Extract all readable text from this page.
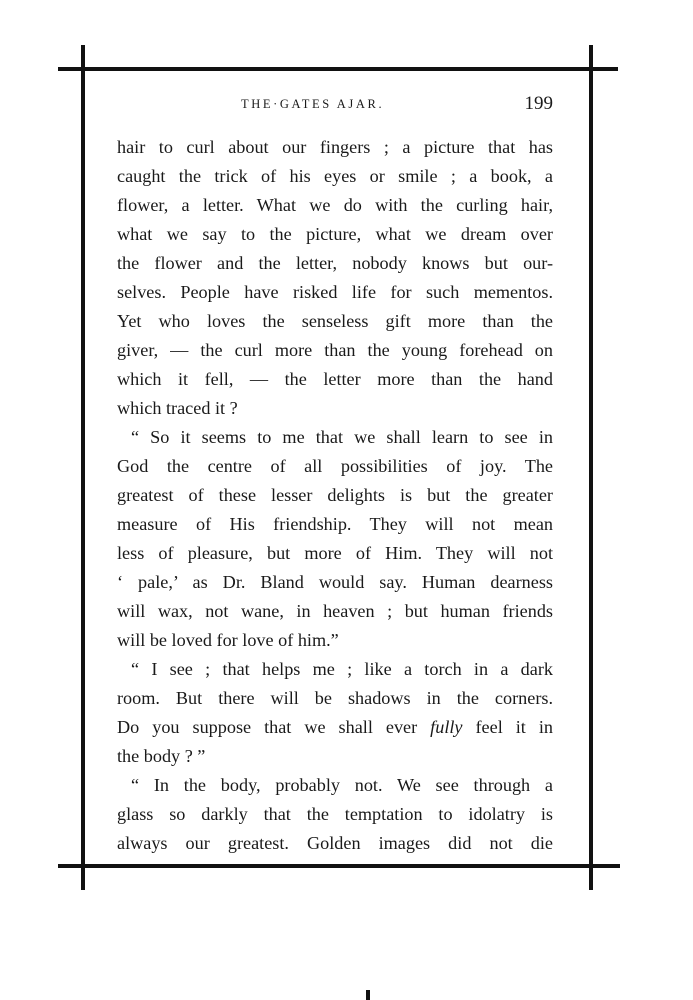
THE·GATES AJAR.	199
hair to curl about our fingers ; a picture that has
caught the trick of his eyes or smile ; a book, a
flower, a letter. What we do with the curling hair,
what we say to the picture, what we dream over
the flower and the letter, nobody knows but our-
selves. People have risked life for such mementos.
Yet who loves the senseless gift more than the
giver, — the curl more than the young forehead on
which it fell, — the letter more than the hand
which traced it ?
“ So it seems to me that we shall learn to see in
God the centre of all possibilities of joy. The
greatest of these lesser delights is but the greater
measure of His friendship. They will not mean
less of pleasure, but more of Him. They will not
‘ pale,’ as Dr. Bland would say. Human dearness
will wax, not wane, in heaven ; but human friends
will be loved for love of him.”
“ I see ; that helps me ; like a torch in a dark
room. But there will be shadows in the corners.
Do you suppose that we shall ever fully feel it in
the body ? ”
“ In the body, probably not. We see through a
glass so darkly that the temptation to idolatry is
always our greatest. Golden images did not die
